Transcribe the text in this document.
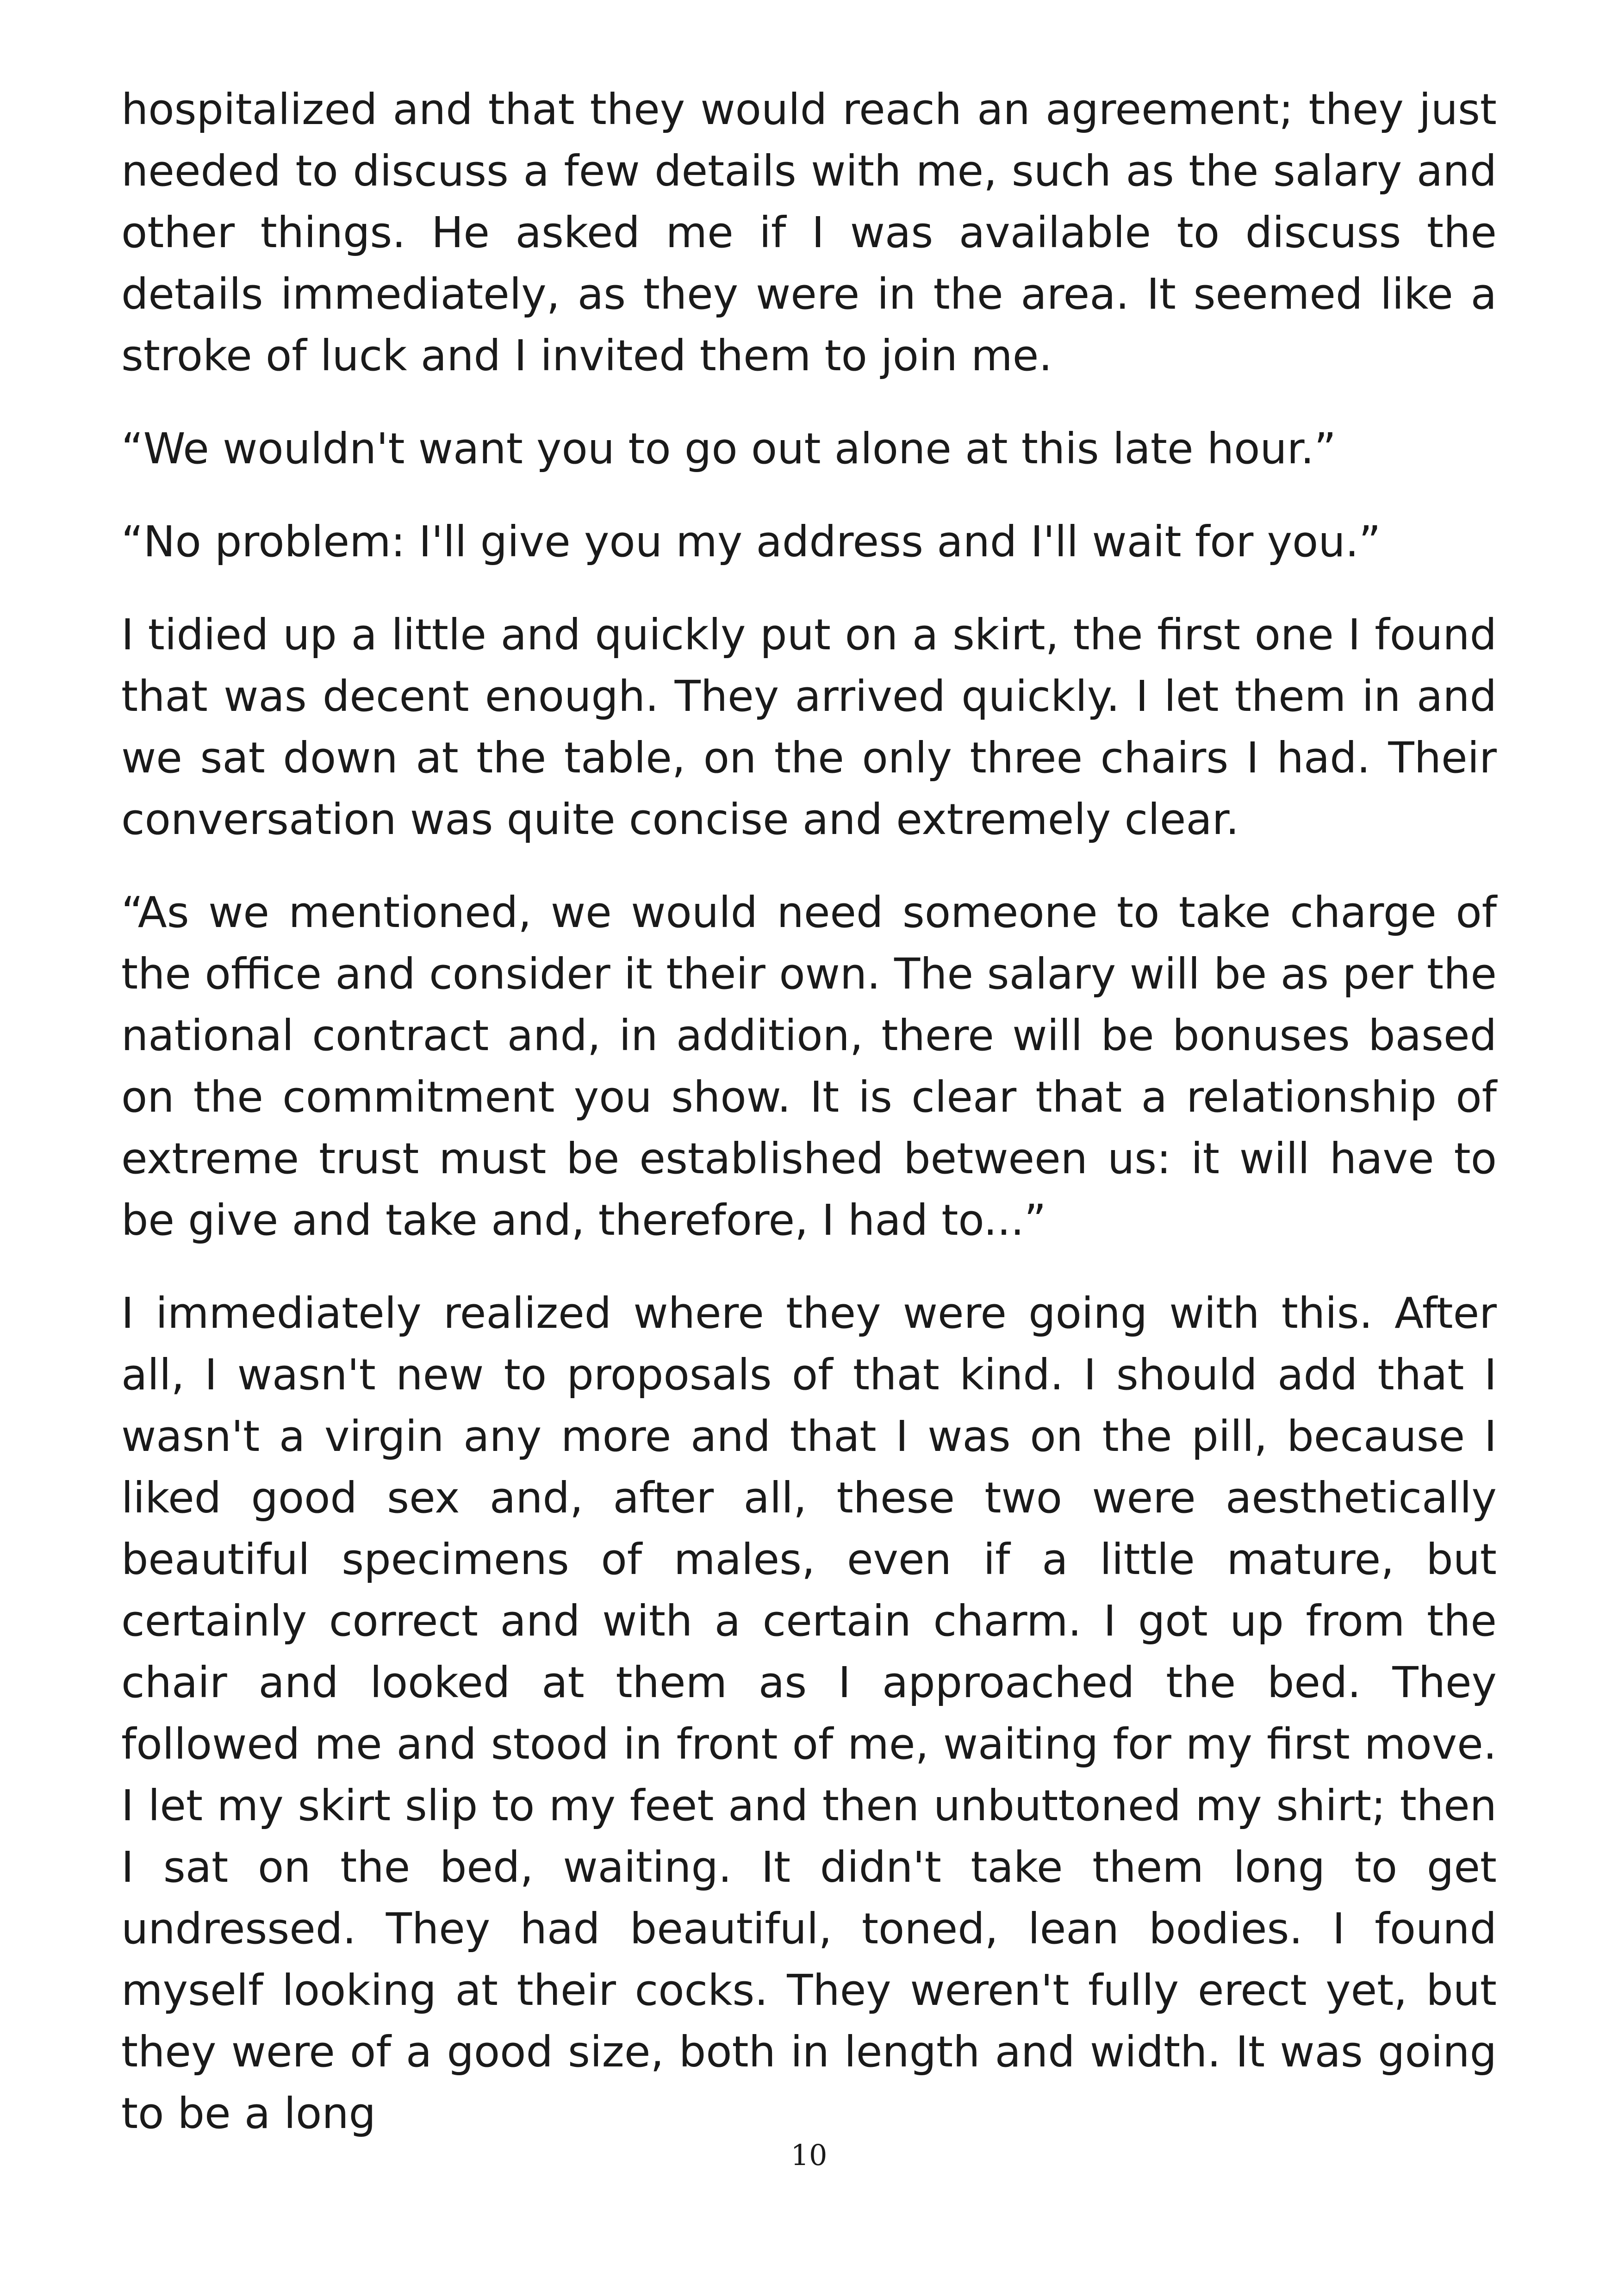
hospitalized and that they would reach an agreement; they just needed to discuss a few details with me, such as the salary and other things. He asked me if I was available to discuss the details immediately, as they were in the area. It seemed like a stroke of luck and I invited them to join me.

“We wouldn't want you to go out alone at this late hour.”

“No problem: I'll give you my address and I'll wait for you.”

I tidied up a little and quickly put on a skirt, the first one I found that was decent enough. They arrived quickly. I let them in and we sat down at the table, on the only three chairs I had. Their conversation was quite concise and extremely clear.

“As we mentioned, we would need someone to take charge of the office and consider it their own. The salary will be as per the national contract and, in addition, there will be bonuses based on the commitment you show. It is clear that a relationship of extreme trust must be established between us: it will have to be give and take and, therefore, I had to...”

I immediately realized where they were going with this. After all, I wasn't new to proposals of that kind. I should add that I wasn't a virgin any more and that I was on the pill, because I liked good sex and, after all, these two were aesthetically beautiful specimens of males, even if a little mature, but certainly correct and with a certain charm. I got up from the chair and looked at them as I approached the bed. They followed me and stood in front of me, waiting for my first move. I let my skirt slip to my feet and then unbuttoned my shirt; then I sat on the bed, waiting. It didn't take them long to get undressed. They had beautiful, toned, lean bodies. I found myself looking at their cocks. They weren't fully erect yet, but they were of a good size, both in length and width. It was going to be a long

10
